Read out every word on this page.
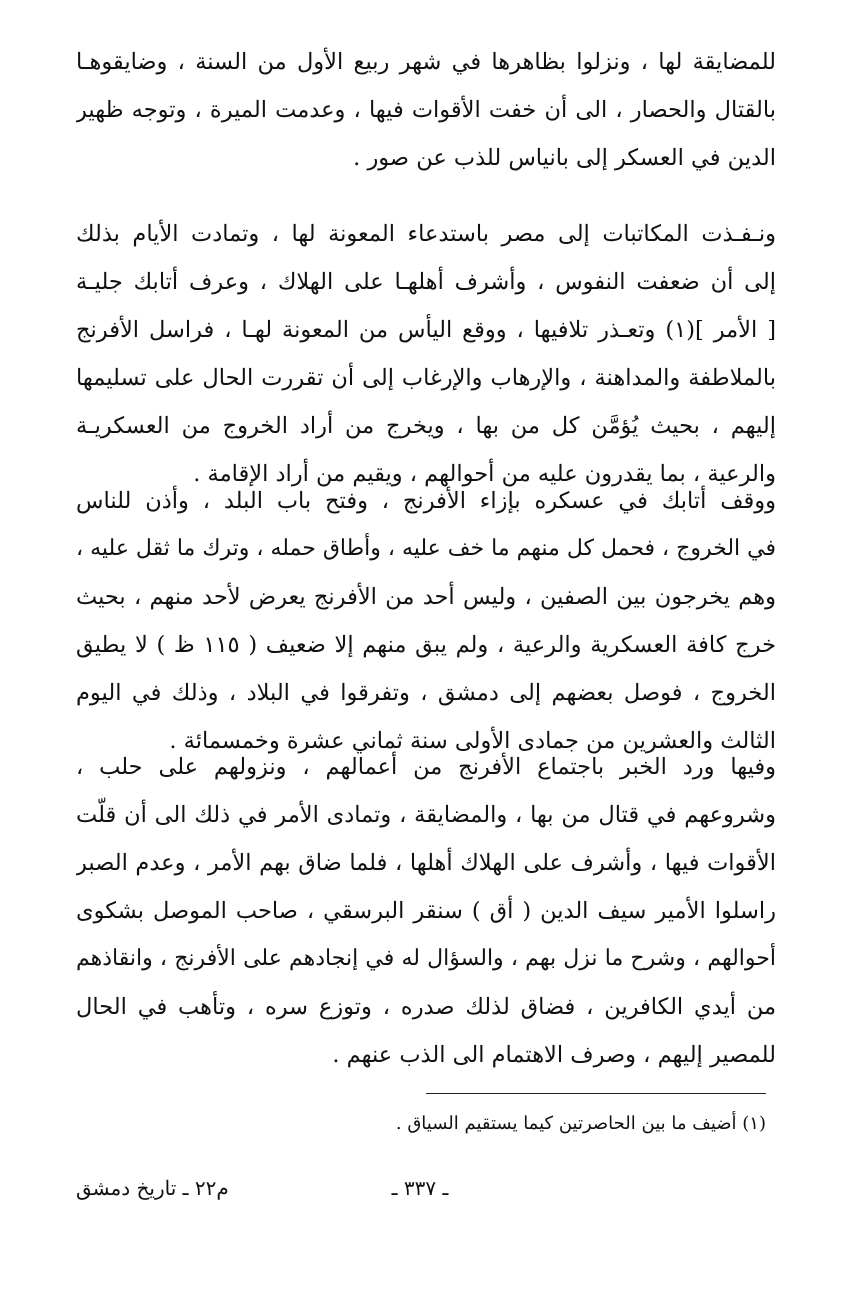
للمضايقة لها ، ونزلوا بظاهرها في شهر ربيع الأول من السنة ، وضايقوهـا
بالقتال والحصار ، الى أن خفت الأقوات فيها ، وعدمت الميرة ، وتوجه ظهير
الدين في العسكر إلى بانياس للذب عن صور .
ونـفـذت المكاتبات إلى مصر باستدعاء المعونة لها ، وتمادت الأيام بذلك
إلى أن ضعفت النفوس ، وأشرف أهلهـا على الهلاك ، وعرف أتابك جليـة
[ الأمر ](١) وتعـذر تلافيها ، ووقع اليأس من المعونة لهـا ، فراسل الأفرنج
بالملاطفة والمداهنة ، والإرهاب والإرغاب إلى أن تقررت الحال على تسليمها
إليهم ، بحيث يُؤمَّن كل من بها ، ويخرج من أراد الخروج من العسكريـة
والرعية ، بما يقدرون عليه من أحوالهم ، ويقيم من أراد الإقامة .
ووقف أتابك في عسكره بإزاء الأفرنج ، وفتح باب البلد ، وأذن للناس
في الخروج ، فحمل كل منهم ما خف عليه ، وأطاق حمله ، وترك ما ثقل عليه ،
وهم يخرجون بين الصفين ، وليس أحد من الأفرنج يعرض لأحد منهم ، بحيث
خرج كافة العسكرية والرعية ، ولم يبق منهم إلا ضعيف ( ١١٥ ظ ) لا يطيق
الخروج ، فوصل بعضهم إلى دمشق ، وتفرقوا في البلاد ، وذلك في اليوم
الثالث والعشرين من جمادى الأولى سنة ثماني عشرة وخمسمائة .
وفيها ورد الخبر باجتماع الأفرنج من أعمالهم ، ونزولهم على حلب ،
وشروعهم في قتال من بها ، والمضايقة ، وتمادى الأمر في ذلك الى أن قلّت
الأقوات فيها ، وأشرف على الهلاك أهلها ، فلما ضاق بهم الأمر ، وعدم الصبر
راسلوا الأمير سيف الدين ( أق ) سنقر البرسقي ، صاحب الموصل بشكوى
أحوالهم ، وشرح ما نزل بهم ، والسؤال له في إنجادهم على الأفرنج ، وانقاذهم
من أيدي الكافرين ، فضاق لذلك صدره ، وتوزع سره ، وتأهب في الحال
للمصير إليهم ، وصرف الاهتمام الى الذب عنهم .
(١) أضيف ما بين الحاصرتين كيما يستقيم السياق .
ـ ٣٣٧ ـ
م٢٢ ـ تاريخ دمشق
